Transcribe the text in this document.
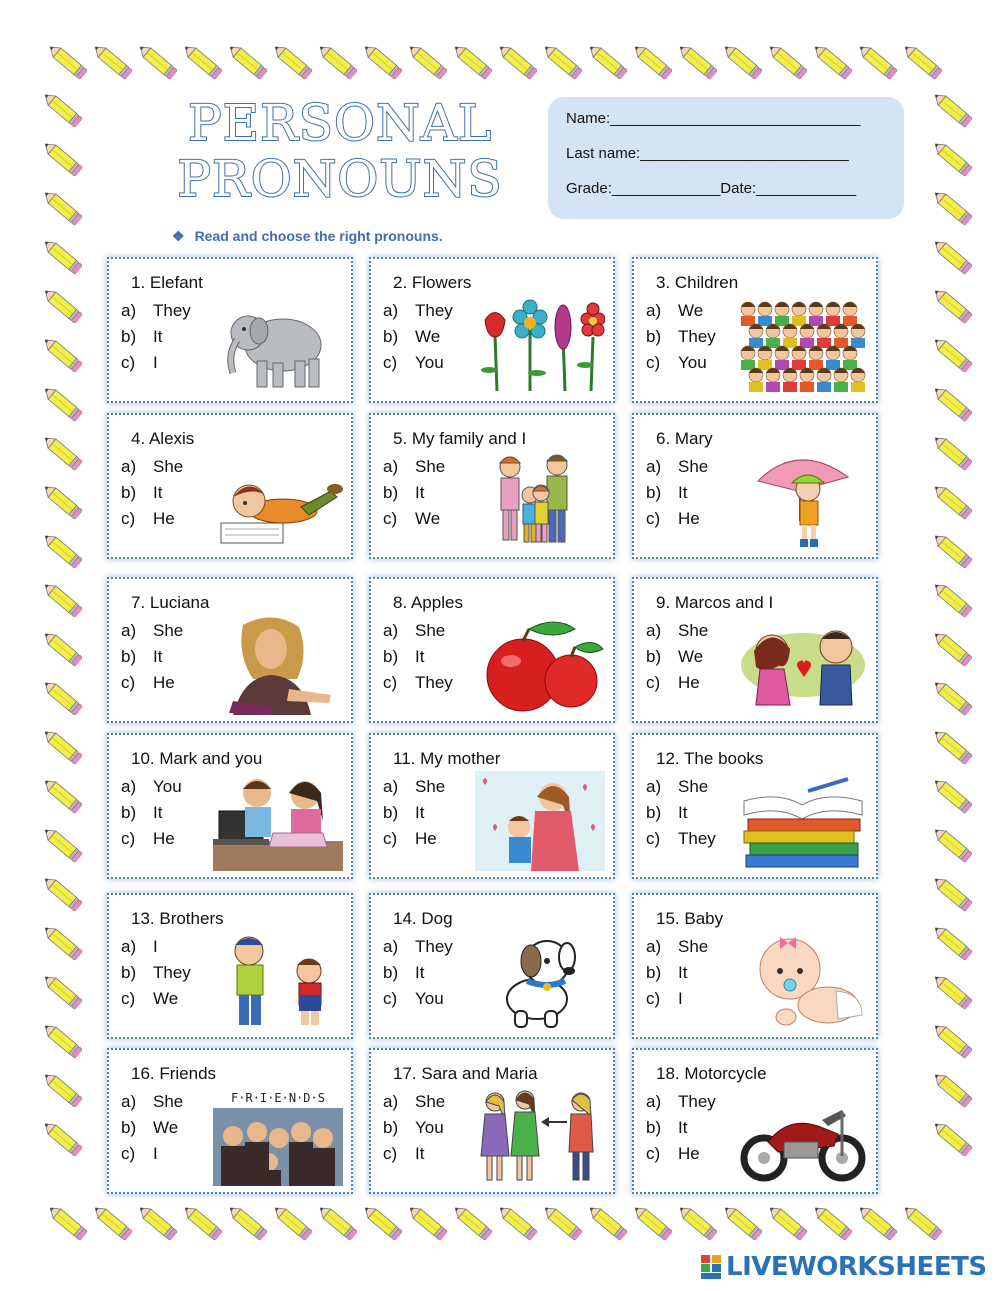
PERSONAL
PRONOUNS
Name:______________________________
Last name:_________________________
Grade:_____________Date:____________
❖ Read and choose the right pronouns.
1. Elefant
a) They
b) It
c) I
2. Flowers
a) They
b) We
c) You
3. Children
a) We
b) They
c) You
4. Alexis
a) She
b) It
c) He
5. My family and I
a) She
b) It
c) We
6. Mary
a) She
b) It
c) He
7. Luciana
a) She
b) It
c) He
8. Apples
a) She
b) It
c) They
9. Marcos and I
a) She
b) We
c) He
10. Mark and you
a) You
b) It
c) He
11. My mother
a) She
b) It
c) He
12. The books
a) She
b) It
c) They
13. Brothers
a) I
b) They
c) We
14. Dog
a) They
b) It
c) You
15. Baby
a) She
b) It
c) I
16. Friends
a) She
b) We
c) I
F·R·I·E·N·D·S
17. Sara and Maria
a) She
b) You
c) It
18. Motorcycle
a) They
b) It
c) He
LIVEWORKSHEETS
